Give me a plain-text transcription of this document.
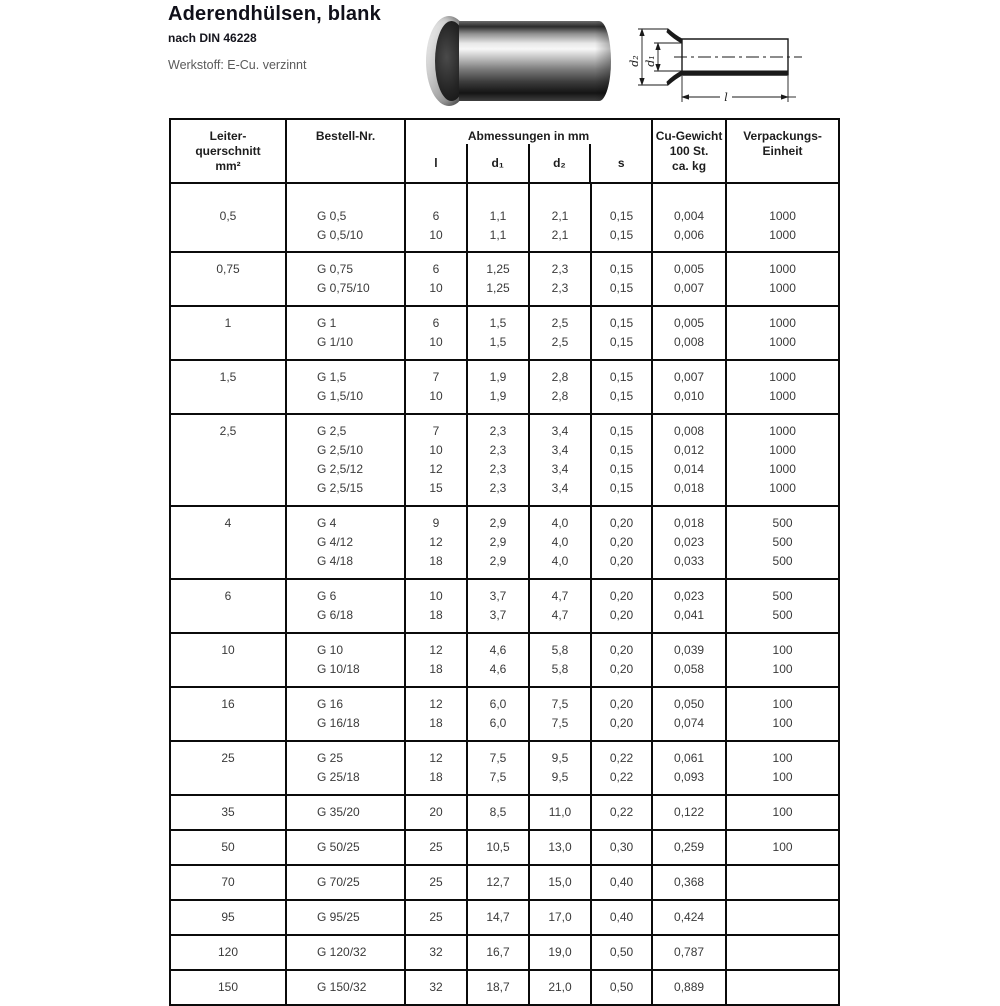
Aderendhülsen, blank
nach DIN 46228
Werkstoff: E-Cu. verzinnt	d₂ d₁
l
Leiter-
querschnitt
mm²

Bestell-Nr.	Abmessungen in mm
l	d₁	d₂	s

Cu-Gewicht
100 St.
ca. kg

Verpackungs-
Einheit

0,5	G 0,5	6	1,1	2,1	0,15	0,004	1000
	G 0,5/10	10	1,1	2,1	0,15	0,006	1000
0,75	G 0,75	6	1,25	2,3	0,15	0,005	1000
	G 0,75/10	10	1,25	2,3	0,15	0,007	1000
1	G 1	6	1,5	2,5	0,15	0,005	1000
	G 1/10	10	1,5	2,5	0,15	0,008	1000
1,5	G 1,5	7	1,9	2,8	0,15	0,007	1000
	G 1,5/10	10	1,9	2,8	0,15	0,010	1000
2,5	G 2,5	7	2,3	3,4	0,15	0,008	1000
	G 2,5/10	10	2,3	3,4	0,15	0,012	1000
	G 2,5/12	12	2,3	3,4	0,15	0,014	1000
	G 2,5/15	15	2,3	3,4	0,15	0,018	1000
4	G 4	9	2,9	4,0	0,20	0,018	500
	G 4/12	12	2,9	4,0	0,20	0,023	500
	G 4/18	18	2,9	4,0	0,20	0,033	500
6	G 6	10	3,7	4,7	0,20	0,023	500
	G 6/18	18	3,7	4,7	0,20	0,041	500
10	G 10	12	4,6	5,8	0,20	0,039	100
	G 10/18	18	4,6	5,8	0,20	0,058	100
16	G 16	12	6,0	7,5	0,20	0,050	100
	G 16/18	18	6,0	7,5	0,20	0,074	100
25	G 25	12	7,5	9,5	0,22	0,061	100
	G 25/18	18	7,5	9,5	0,22	0,093	100
35	G 35/20	20	8,5	11,0	0,22	0,122	100
50	G 50/25	25	10,5	13,0	0,30	0,259	100
70	G 70/25	25	12,7	15,0	0,40	0,368	
95	G 95/25	25	14,7	17,0	0,40	0,424	
120	G 120/32	32	16,7	19,0	0,50	0,787	
150	G 150/32	32	18,7	21,0	0,50	0,889	
